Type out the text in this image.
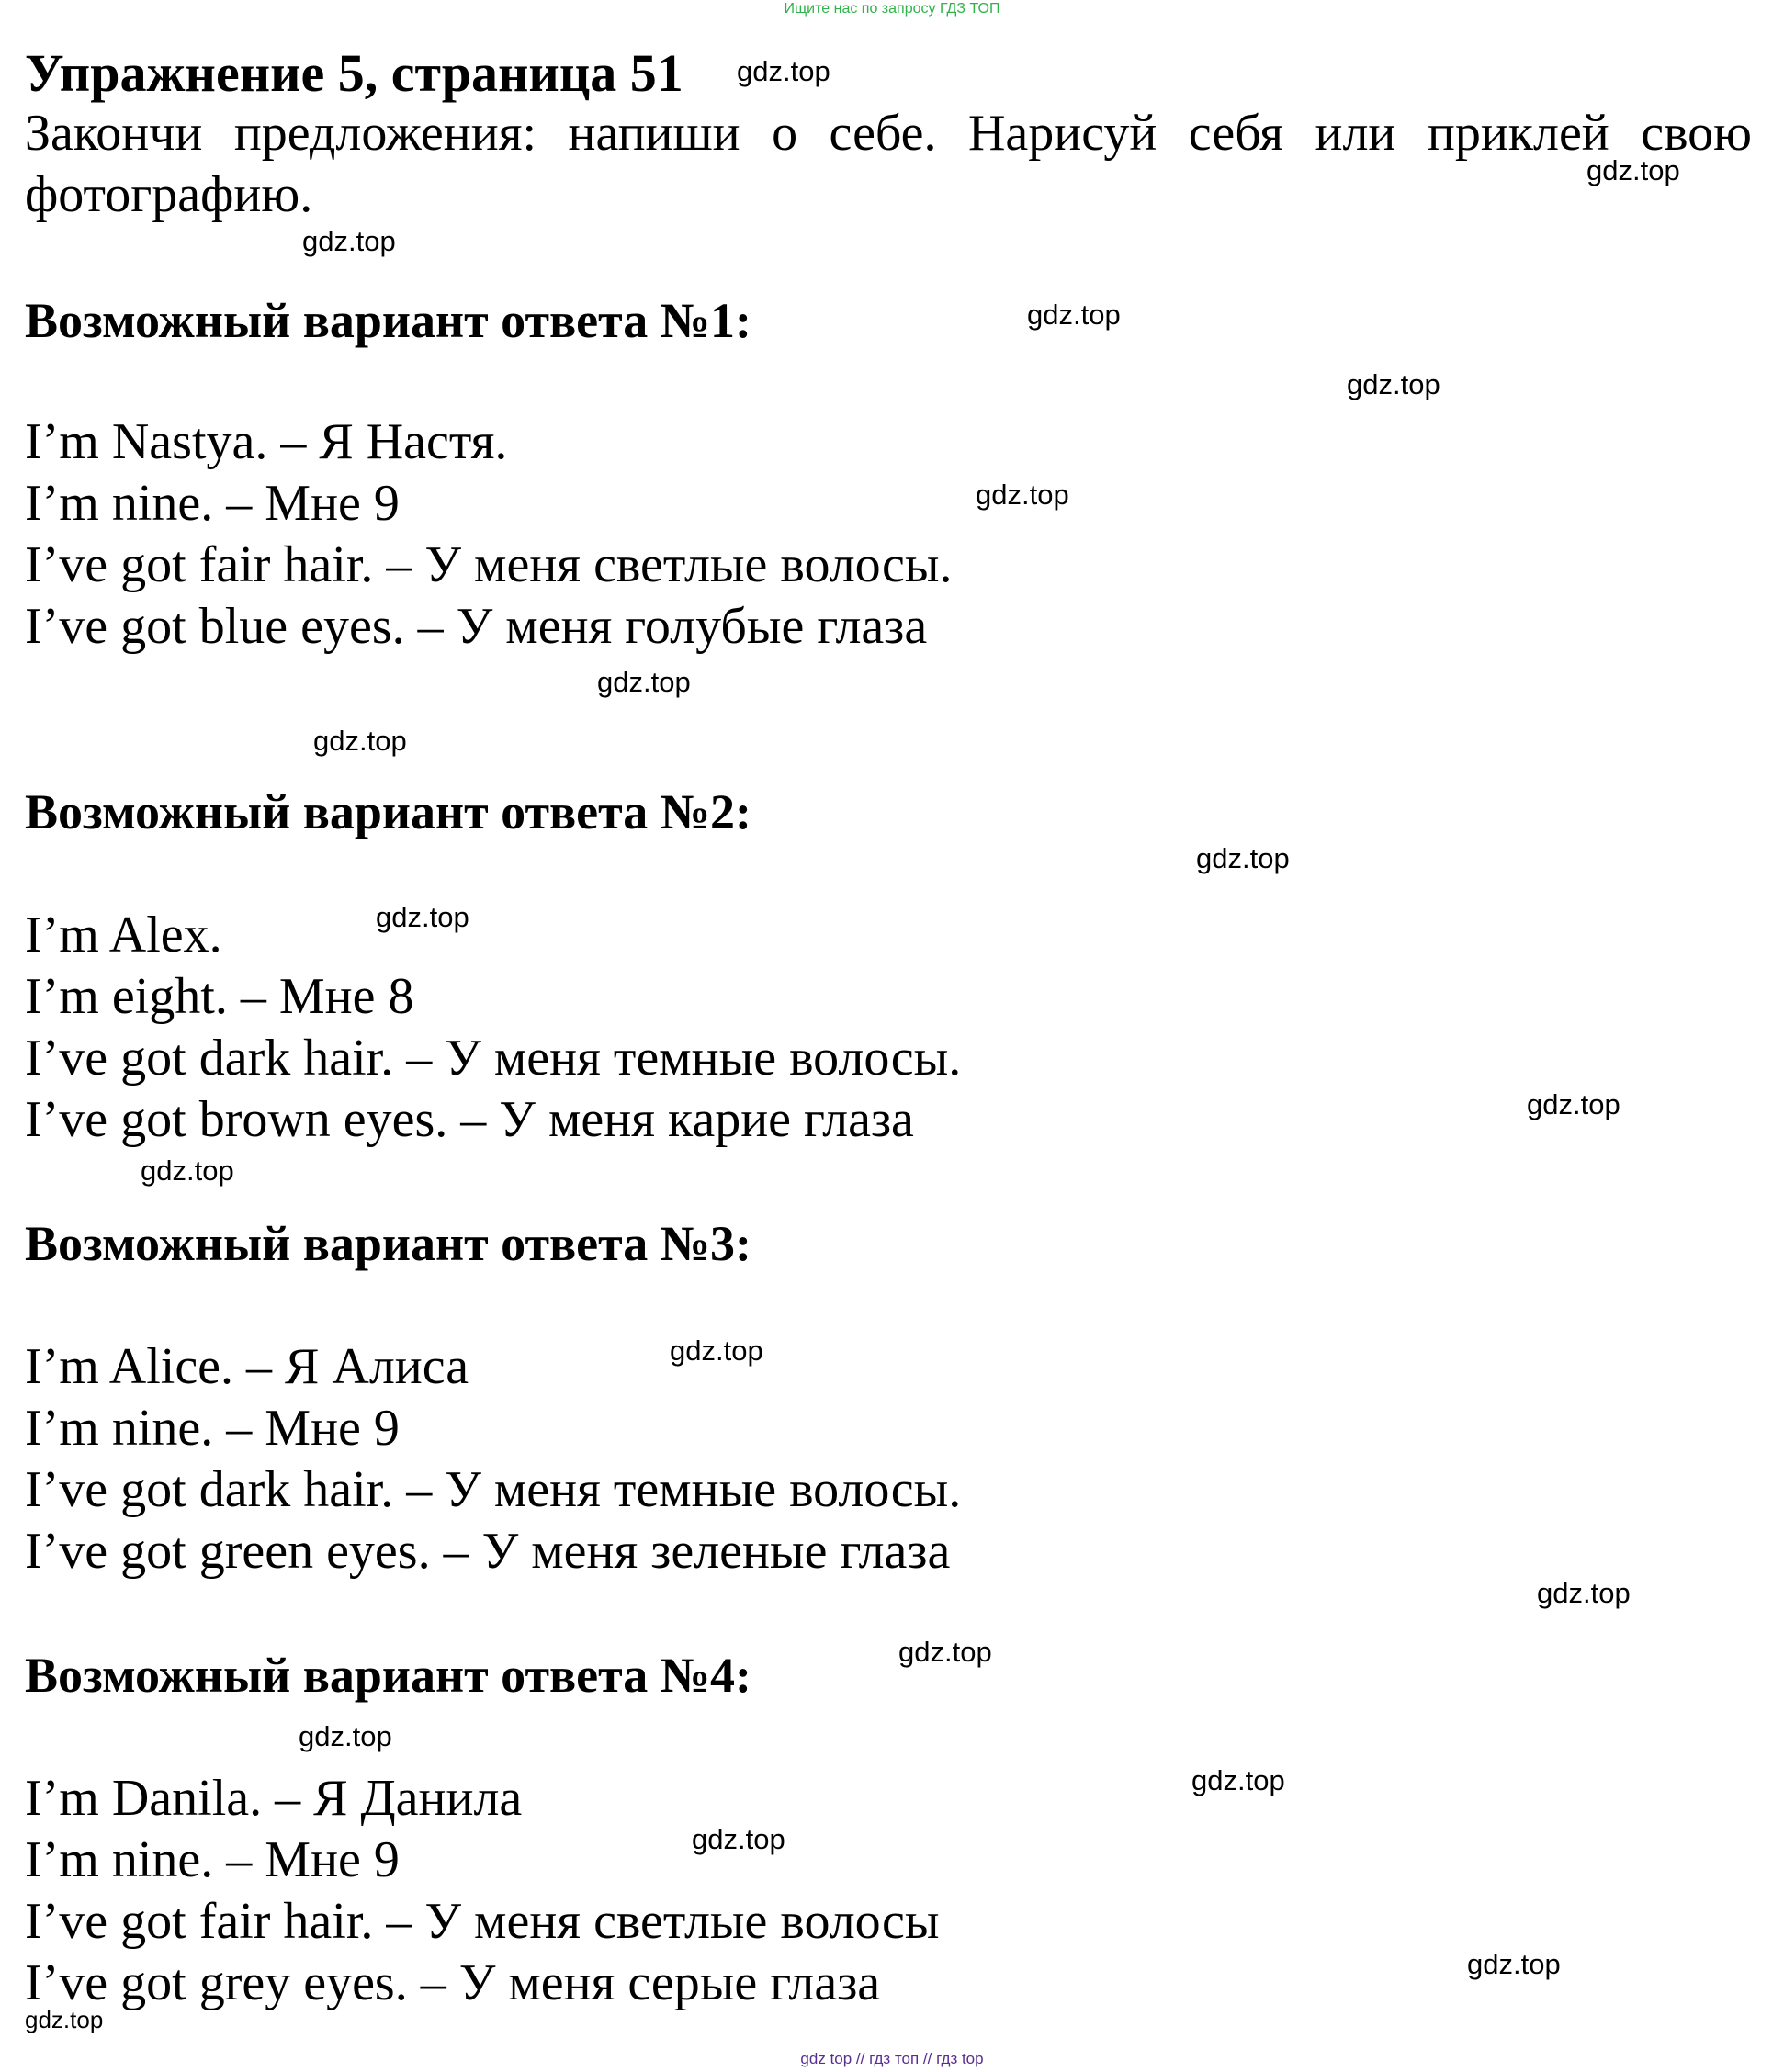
Ищите нас по запросу ГДЗ ТОП
Упражнение 5, страница 51

Закончи предложения: напиши о себе. Нарисуй себя или приклей свою фотографию.

Возможный вариант ответа №1:
I’m Nastya. – Я Настя.
I’m nine. – Мне 9
I’ve got fair hair. – У меня светлые волосы.
I’ve got blue eyes. – У меня голубые глаза
Возможный вариант ответа №2:
I’m Alex.
I’m eight. – Мне 8
I’ve got dark hair. – У меня темные волосы.
I’ve got brown eyes. – У меня карие глаза
Возможный вариант ответа №3:
I’m Alice. – Я Алиса
I’m nine. – Мне 9
I’ve got dark hair. – У меня темные волосы.
I’ve got green eyes. – У меня зеленые глаза
Возможный вариант ответа №4:
I’m Danila. – Я Данила
I’m nine. – Мне 9
I’ve got fair hair. – У меня светлые волосы
I’ve got grey eyes. – У меня серые глаза
gdz.top
gdz.top
gdz.top
gdz.top
gdz.top
gdz.top
gdz.top
gdz.top
gdz.top
gdz.top
gdz.top
gdz.top
gdz.top
gdz.top
gdz.top
gdz.top
gdz.top
gdz.top
gdz.top
gdz.top
gdz top // гдз топ // гдз top
